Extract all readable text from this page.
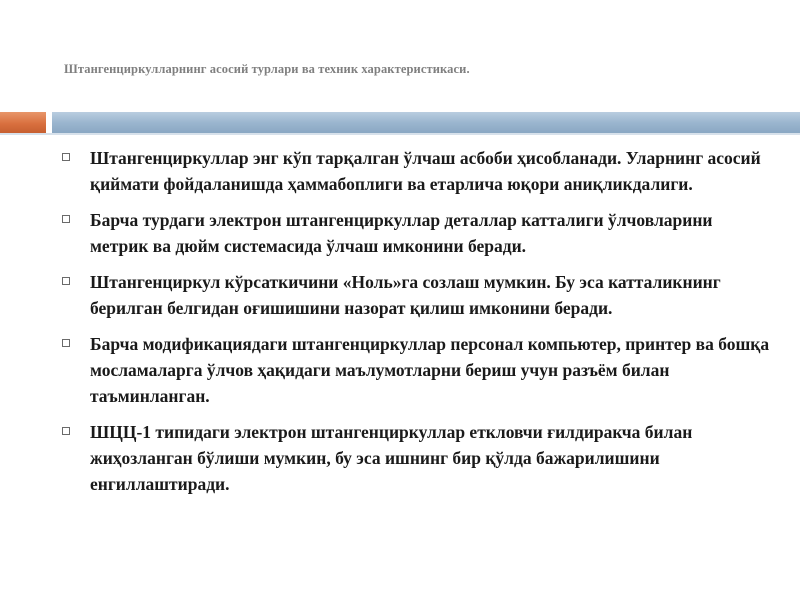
Штангенциркулларнинг асосий турлари ва техник характеристикаси.
Штангенциркуллар энг кўп тарқалган ўлчаш асбоби ҳисобланади. Уларнинг асосий қиймати фойдаланишда ҳаммабоплиги ва етарлича юқори аниқликдалиги.
Барча турдаги электрон штангенциркуллар деталлар катталиги ўлчовларини метрик ва дюйм системасида ўлчаш имконини беради.
Штангенциркул кўрсаткичини «Ноль»га созлаш мумкин. Бу эса катталикнинг берилган белгидан оғишишини назорат қилиш имконини беради.
Барча модификациядаги штангенциркуллар персонал компьютер, принтер ва бошқа мосламаларга ўлчов ҳақидаги маълумотларни бериш учун разъём билан таъминланган.
ШЦЦ-1 типидаги электрон штангенциркуллар еткловчи ғилдиракча билан жиҳозланган бўлиши мумкин, бу эса ишнинг бир қўлда бажарилишини енгиллаштиради.
